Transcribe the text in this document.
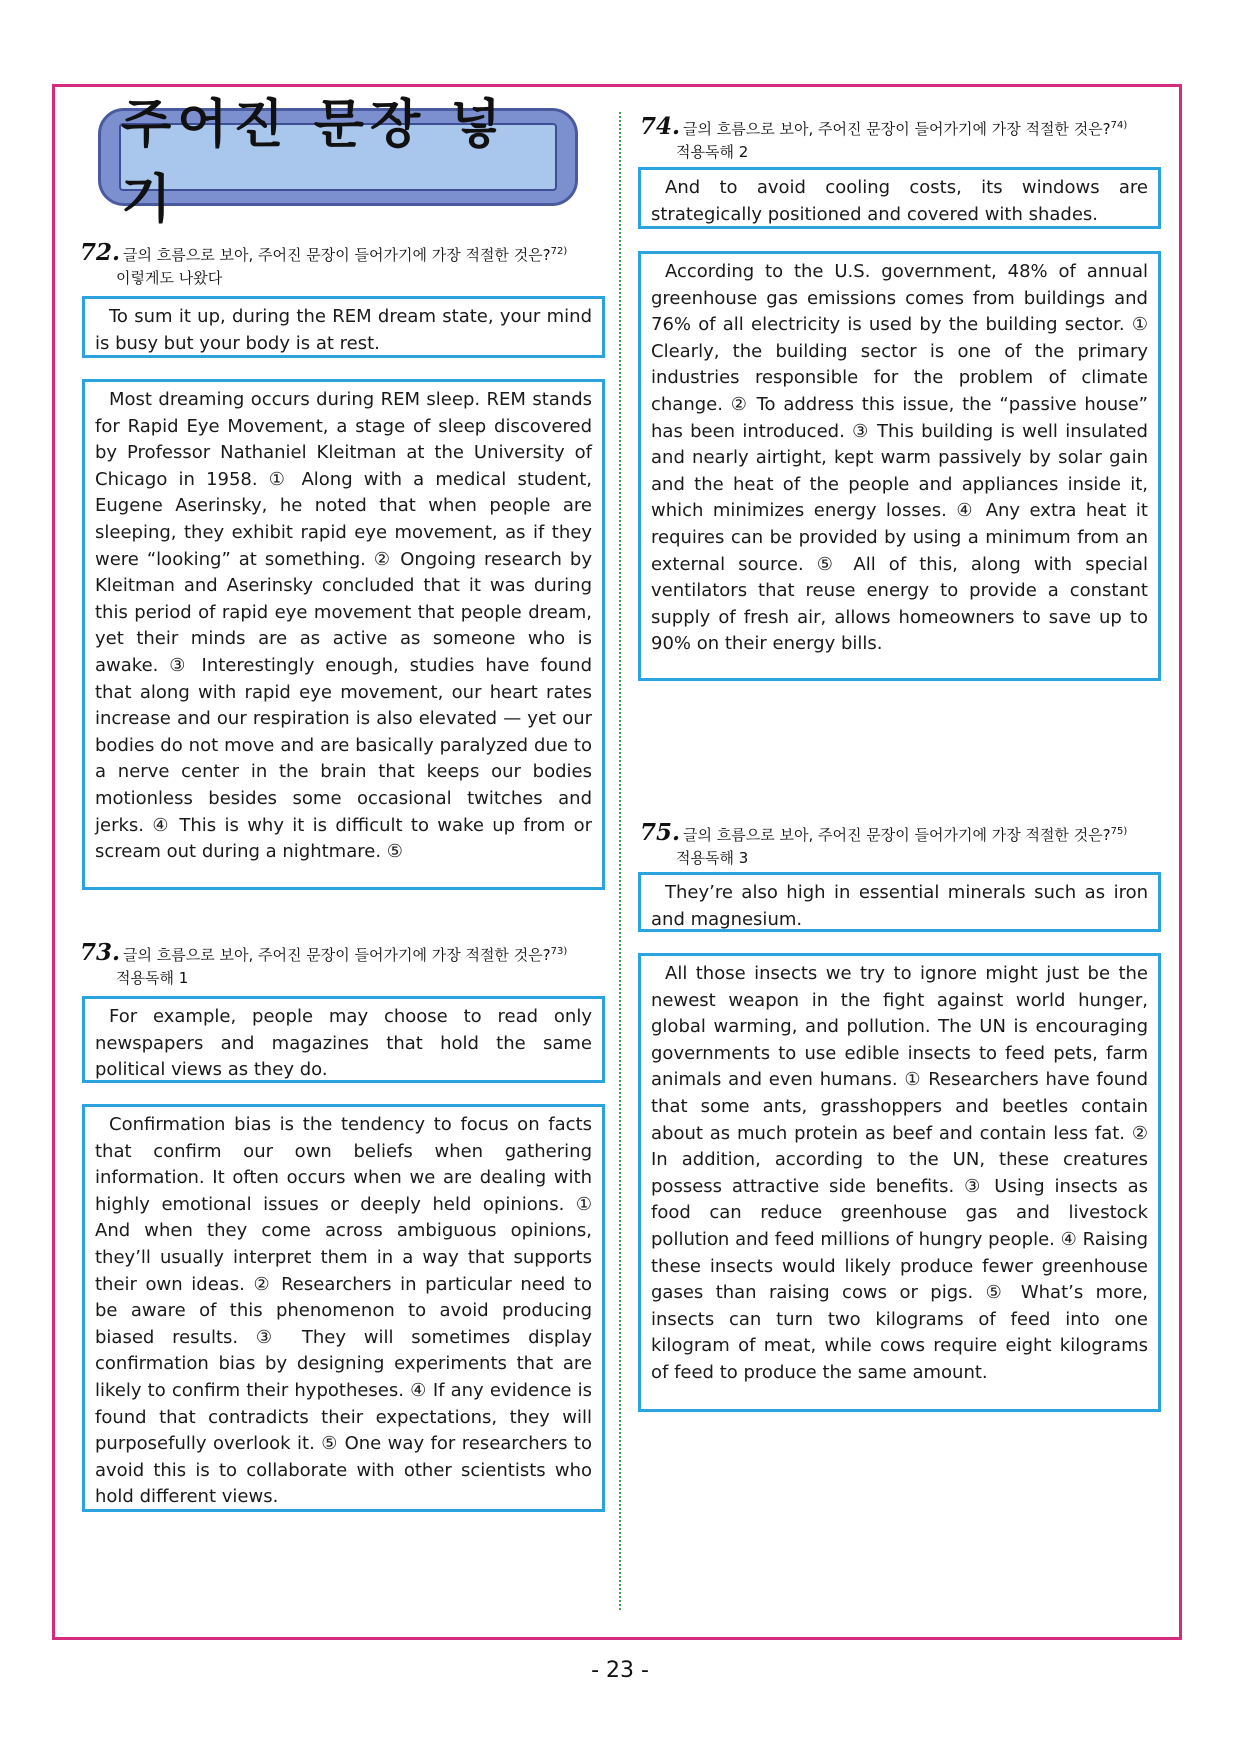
주어진 문장 넣기
72. 글의 흐름으로 보아, 주어진 문장이 들어가기에 가장 적절한 것은?$^{72)}$
이렇게도 나왔다
To sum it up, during the REM dream state, your mind is busy but your body is at rest.
Most dreaming occurs during REM sleep. REM stands for Rapid Eye Movement, a stage of sleep discovered by Professor Nathaniel Kleitman at the University of Chicago in 1958. ① Along with a medical student, Eugene Aserinsky, he noted that when people are sleeping, they exhibit rapid eye movement, as if they were “looking” at something. ② Ongoing research by Kleitman and Aserinsky concluded that it was during this period of rapid eye movement that people dream, yet their minds are as active as someone who is awake. ③ Interestingly enough, studies have found that along with rapid eye movement, our heart rates increase and our respiration is also elevated — yet our bodies do not move and are basically paralyzed due to a nerve center in the brain that keeps our bodies motionless besides some occasional twitches and jerks. ④ This is why it is difficult to wake up from or scream out during a nightmare. ⑤
73. 글의 흐름으로 보아, 주어진 문장이 들어가기에 가장 적절한 것은?$^{73)}$
적용독해 1
For example, people may choose to read only newspapers and magazines that hold the same political views as they do.
Confirmation bias is the tendency to focus on facts that confirm our own beliefs when gathering information. It often occurs when we are dealing with highly emotional issues or deeply held opinions. ① And when they come across ambiguous opinions, they’ll usually interpret them in a way that supports their own ideas. ② Researchers in particular need to be aware of this phenomenon to avoid producing biased results. ③ They will sometimes display confirmation bias by designing experiments that are likely to confirm their hypotheses. ④ If any evidence is found that contradicts their expectations, they will purposefully overlook it. ⑤ One way for researchers to avoid this is to collaborate with other scientists who hold different views.
74. 글의 흐름으로 보아, 주어진 문장이 들어가기에 가장 적절한 것은?$^{74)}$
적용독해 2
And to avoid cooling costs, its windows are strategically positioned and covered with shades.
According to the U.S. government, 48% of annual greenhouse gas emissions comes from buildings and 76% of all electricity is used by the building sector. ① Clearly, the building sector is one of the primary industries responsible for the problem of climate change. ② To address this issue, the “passive house” has been introduced. ③ This building is well insulated and nearly airtight, kept warm passively by solar gain and the heat of the people and appliances inside it, which minimizes energy losses. ④ Any extra heat it requires can be provided by using a minimum from an external source. ⑤ All of this, along with special ventilators that reuse energy to provide a constant supply of fresh air, allows homeowners to save up to 90% on their energy bills.
75. 글의 흐름으로 보아, 주어진 문장이 들어가기에 가장 적절한 것은?$^{75)}$
적용독해 3
They’re also high in essential minerals such as iron and magnesium.
All those insects we try to ignore might just be the newest weapon in the fight against world hunger, global warming, and pollution. The UN is encouraging governments to use edible insects to feed pets, farm animals and even humans. ① Researchers have found that some ants, grasshoppers and beetles contain about as much protein as beef and contain less fat. ② In addition, according to the UN, these creatures possess attractive side benefits. ③ Using insects as food can reduce greenhouse gas and livestock pollution and feed millions of hungry people. ④ Raising these insects would likely produce fewer greenhouse gases than raising cows or pigs. ⑤ What’s more, insects can turn two kilograms of feed into one kilogram of meat, while cows require eight kilograms of feed to produce the same amount.
- 23 -
